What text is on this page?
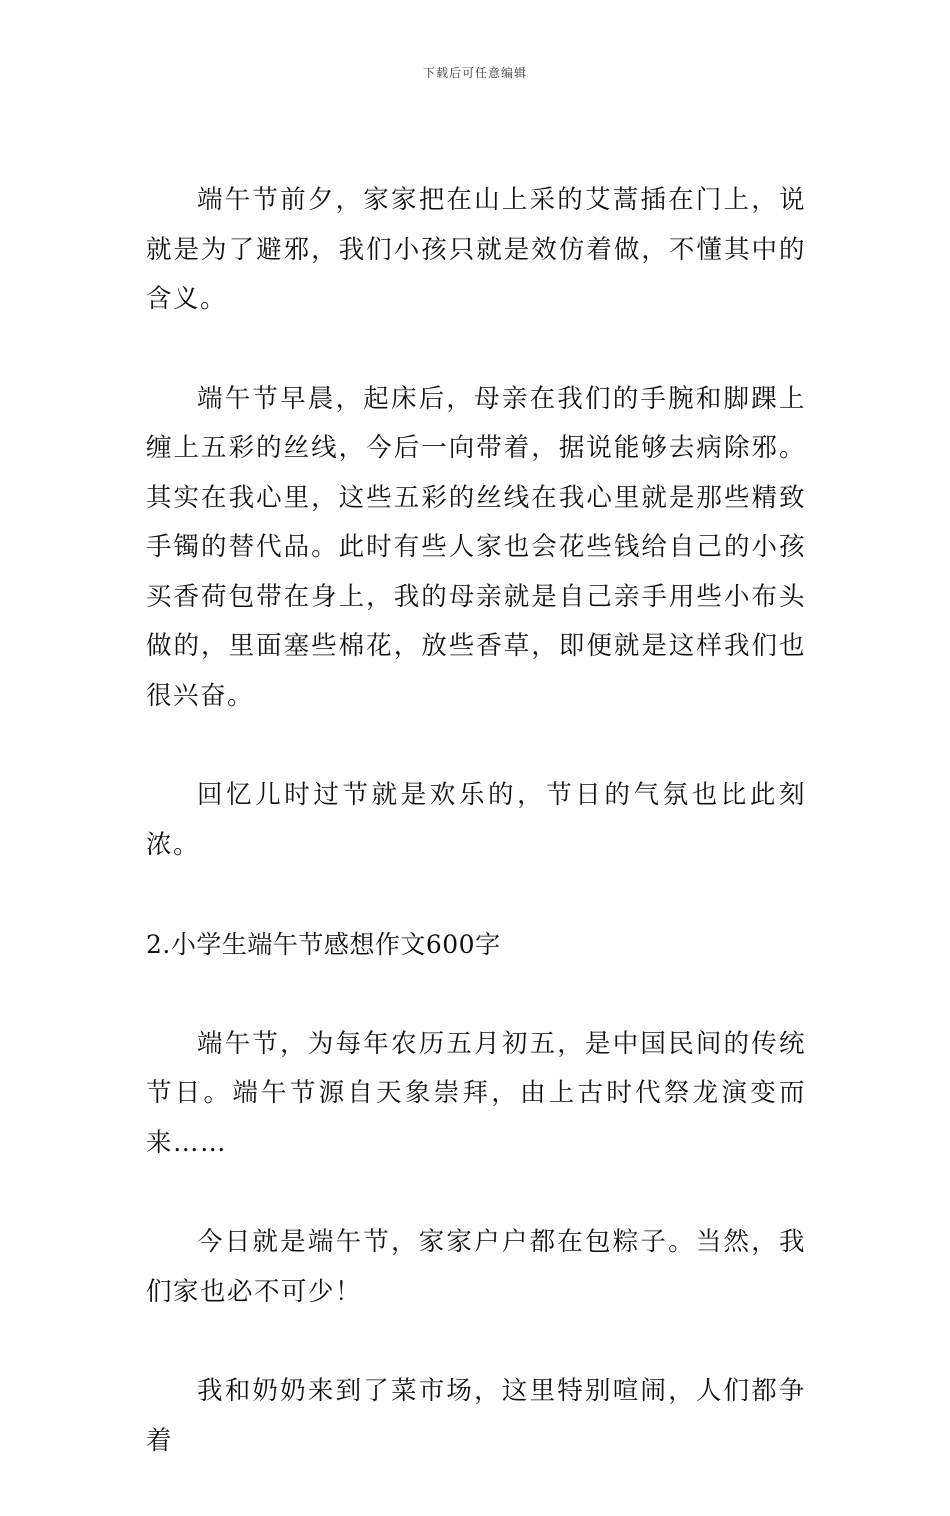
下载后可任意编辑

端午节前夕，家家把在山上采的艾蒿插在门上，说就是为了避邪，我们小孩只就是效仿着做，不懂其中的含义。

端午节早晨，起床后，母亲在我们的手腕和脚踝上缠上五彩的丝线，今后一向带着，据说能够去病除邪。其实在我心里，这些五彩的丝线在我心里就是那些精致手镯的替代品。此时有些人家也会花些钱给自己的小孩买香荷包带在身上，我的母亲就是自己亲手用些小布头做的，里面塞些棉花，放些香草，即便就是这样我们也很兴奋。

回忆儿时过节就是欢乐的，节日的气氛也比此刻浓。

2.小学生端午节感想作文600字

端午节，为每年农历五月初五，是中国民间的传统节日。端午节源自天象崇拜，由上古时代祭龙演变而来……

今日就是端午节，家家户户都在包粽子。当然，我们家也必不可少！

我和奶奶来到了菜市场，这里特别喧闹，人们都争着
